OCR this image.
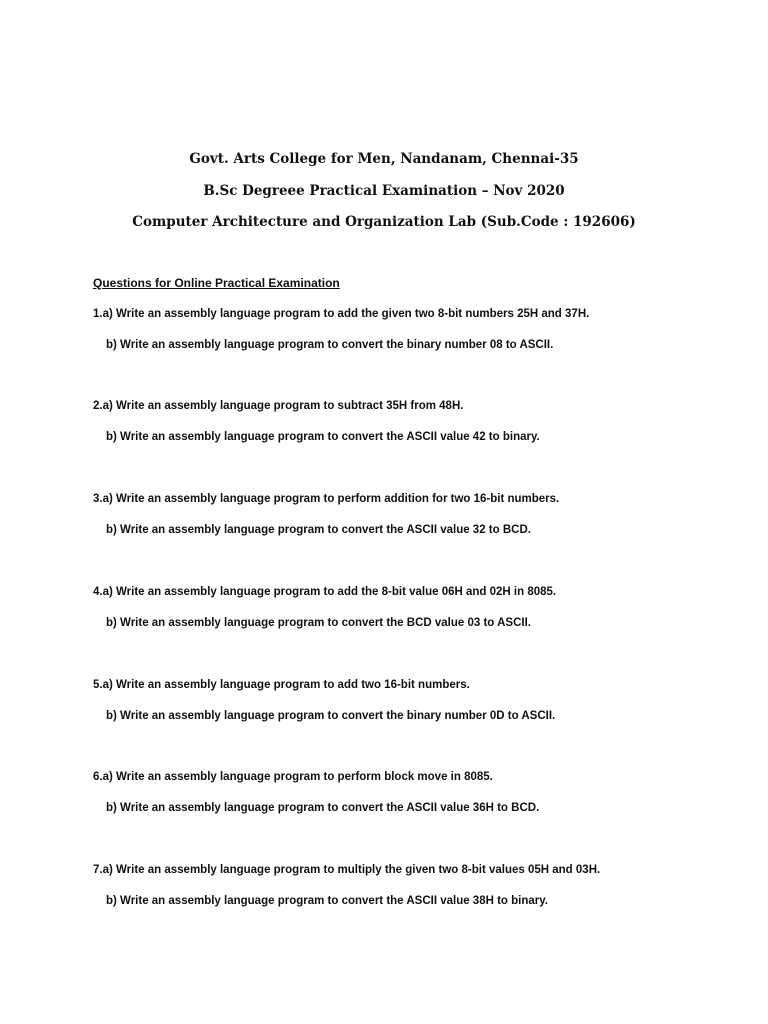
Govt. Arts College for Men, Nandanam, Chennai-35
B.Sc Degreee Practical Examination – Nov 2020
Computer Architecture and Organization Lab (Sub.Code : 192606)
Questions for Online Practical Examination
1.a) Write an assembly language program to add the given two 8-bit numbers 25H and 37H.
b) Write an assembly language program to convert the binary number 08 to ASCII.
2.a) Write an assembly language program to subtract 35H from 48H.
b) Write an assembly language program to convert the ASCII value 42 to binary.
3.a) Write an assembly language program to perform addition for two 16-bit numbers.
b) Write an assembly language program to convert the ASCII value 32 to BCD.
4.a) Write an assembly language program to add the 8-bit value 06H and 02H in 8085.
b) Write an assembly language program to convert the BCD value 03 to ASCII.
5.a) Write an assembly language program to add two 16-bit numbers.
b) Write an assembly language program to convert the binary number 0D to ASCII.
6.a) Write an assembly language program to perform block move in 8085.
b) Write an assembly language program to convert the ASCII value 36H to BCD.
7.a) Write an assembly language program to multiply the given two 8-bit values 05H and 03H.
b) Write an assembly language program to convert the ASCII value 38H to binary.
